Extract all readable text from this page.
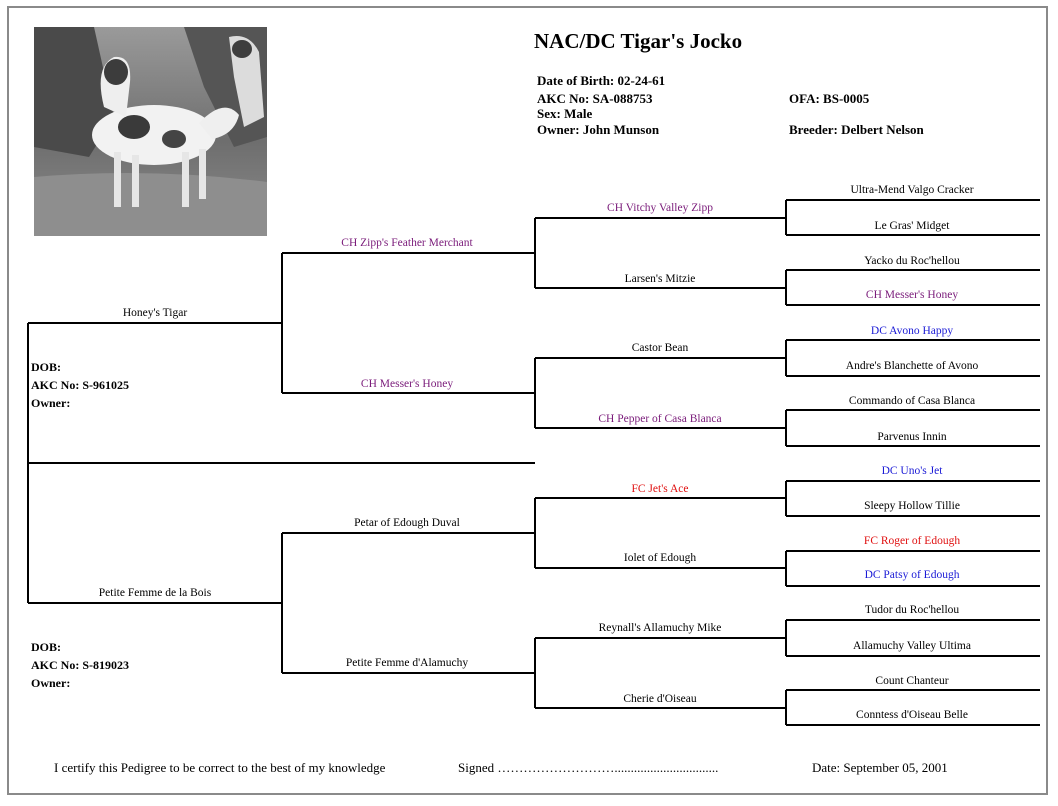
NAC/DC Tigar's Jocko
Date of Birth: 02-24-61
AKC No: SA-088753
Sex: Male
Owner: John Munson
OFA: BS-0005
Breeder: Delbert Nelson
Honey's Tigar
Petite Femme de la Bois
DOB:
AKC No: S-961025
Owner:
DOB:
AKC No: S-819023
Owner:
CH Zipp's Feather Merchant
CH Messer's Honey
Petar of Edough Duval
Petite Femme d'Alamuchy
CH Vitchy Valley Zipp
Larsen's Mitzie
Castor Bean
CH Pepper of Casa Blanca
FC Jet's Ace
Iolet of Edough
Reynall's Allamuchy Mike
Cherie d'Oiseau
Ultra-Mend Valgo Cracker
Le Gras' Midget
Yacko du Roc'hellou
CH Messer's Honey
DC Avono Happy
Andre's Blanchette of Avono
Commando of Casa Blanca
Parvenus Innin
DC Uno's Jet
Sleepy Hollow Tillie
FC Roger of Edough
DC Patsy of Edough
Tudor du Roc'hellou
Allamuchy Valley Ultima
Count Chanteur
Conntess d'Oiseau Belle
I certify this Pedigree to be correct to the best of my knowledge	Signed ………………………................................	Date: September 05, 2001
